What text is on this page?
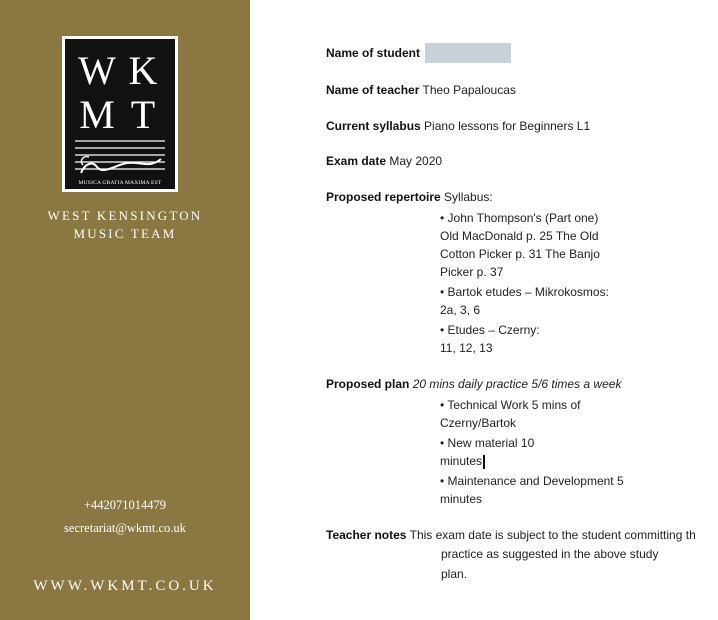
W K
M T
MUSICA GRATIA MAXIMA EST
WEST KENSINGTON
MUSIC TEAM
+442071014479
secretariat@wkmt.co.uk
WWW.WKMT.CO.UK
Name of student
Name of teacher Theo Papaloucas
Current syllabus Piano lessons for Beginners L1
Exam date May 2020
Proposed repertoire Syllabus:
• John Thompson's (Part one)
Old MacDonald p. 25 The Old
Cotton Picker p. 31 The Banjo
Picker p. 37
• Bartok etudes – Mikrokosmos:
2a, 3, 6
• Etudes – Czerny:
11, 12, 13
Proposed plan 20 mins daily practice 5/6 times a week
• Technical Work 5 mins of
Czerny/Bartok
• New material 10
minutes
• Maintenance and Development 5
minutes
Teacher notes This exam date is subject to the student committing th
practice as suggested in the above study
plan.
